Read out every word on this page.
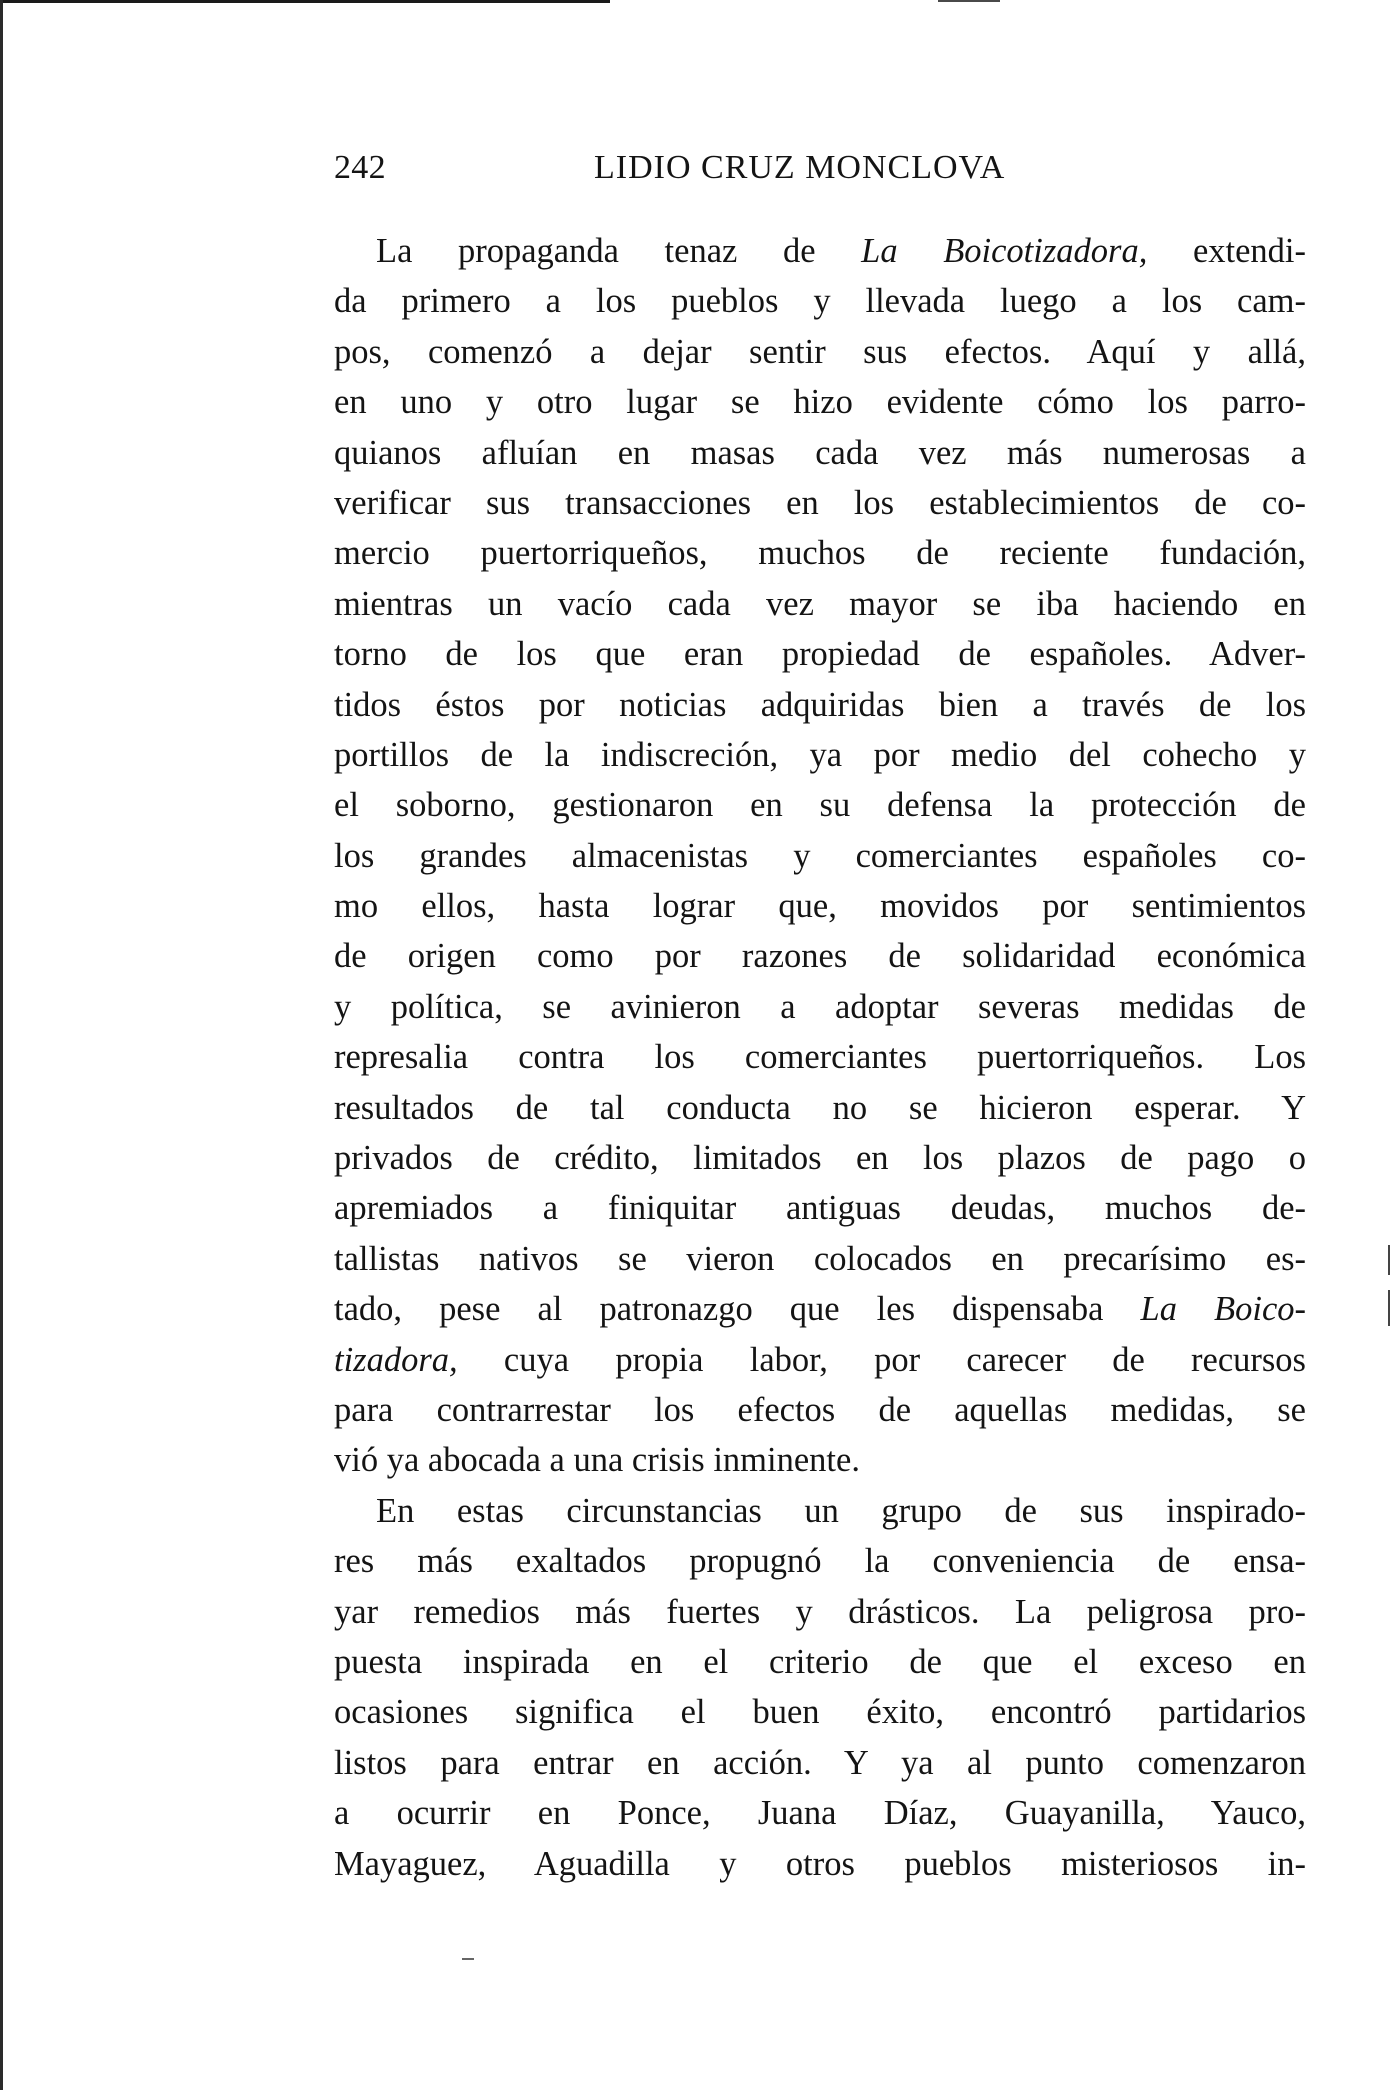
242	LIDIO CRUZ MONCLOVA
La propaganda tenaz de La Boicotizadora, extendi-
da primero a los pueblos y llevada luego a los cam-
pos, comenzó a dejar sentir sus efectos. Aquí y allá,
en uno y otro lugar se hizo evidente cómo los parro-
quianos afluían en masas cada vez más numerosas a
verificar sus transacciones en los establecimientos de co-
mercio puertorriqueños, muchos de reciente fundación,
mientras un vacío cada vez mayor se iba haciendo en
torno de los que eran propiedad de españoles. Adver-
tidos éstos por noticias adquiridas bien a través de los
portillos de la indiscreción, ya por medio del cohecho y
el soborno, gestionaron en su defensa la protección de
los grandes almacenistas y comerciantes españoles co-
mo ellos, hasta lograr que, movidos por sentimientos
de origen como por razones de solidaridad económica
y política, se avinieron a adoptar severas medidas de
represalia contra los comerciantes puertorriqueños. Los
resultados de tal conducta no se hicieron esperar. Y
privados de crédito, limitados en los plazos de pago o
apremiados a finiquitar antiguas deudas, muchos de-
tallistas nativos se vieron colocados en precarísimo es-
tado, pese al patronazgo que les dispensaba La Boico-
tizadora, cuya propia labor, por carecer de recursos
para contrarrestar los efectos de aquellas medidas, se
vió ya abocada a una crisis inminente.
En estas circunstancias un grupo de sus inspirado-
res más exaltados propugnó la conveniencia de ensa-
yar remedios más fuertes y drásticos. La peligrosa pro-
puesta inspirada en el criterio de que el exceso en
ocasiones significa el buen éxito, encontró partidarios
listos para entrar en acción. Y ya al punto comenzaron
a ocurrir en Ponce, Juana Díaz, Guayanilla, Yauco,
Mayaguez, Aguadilla y otros pueblos misteriosos in-
